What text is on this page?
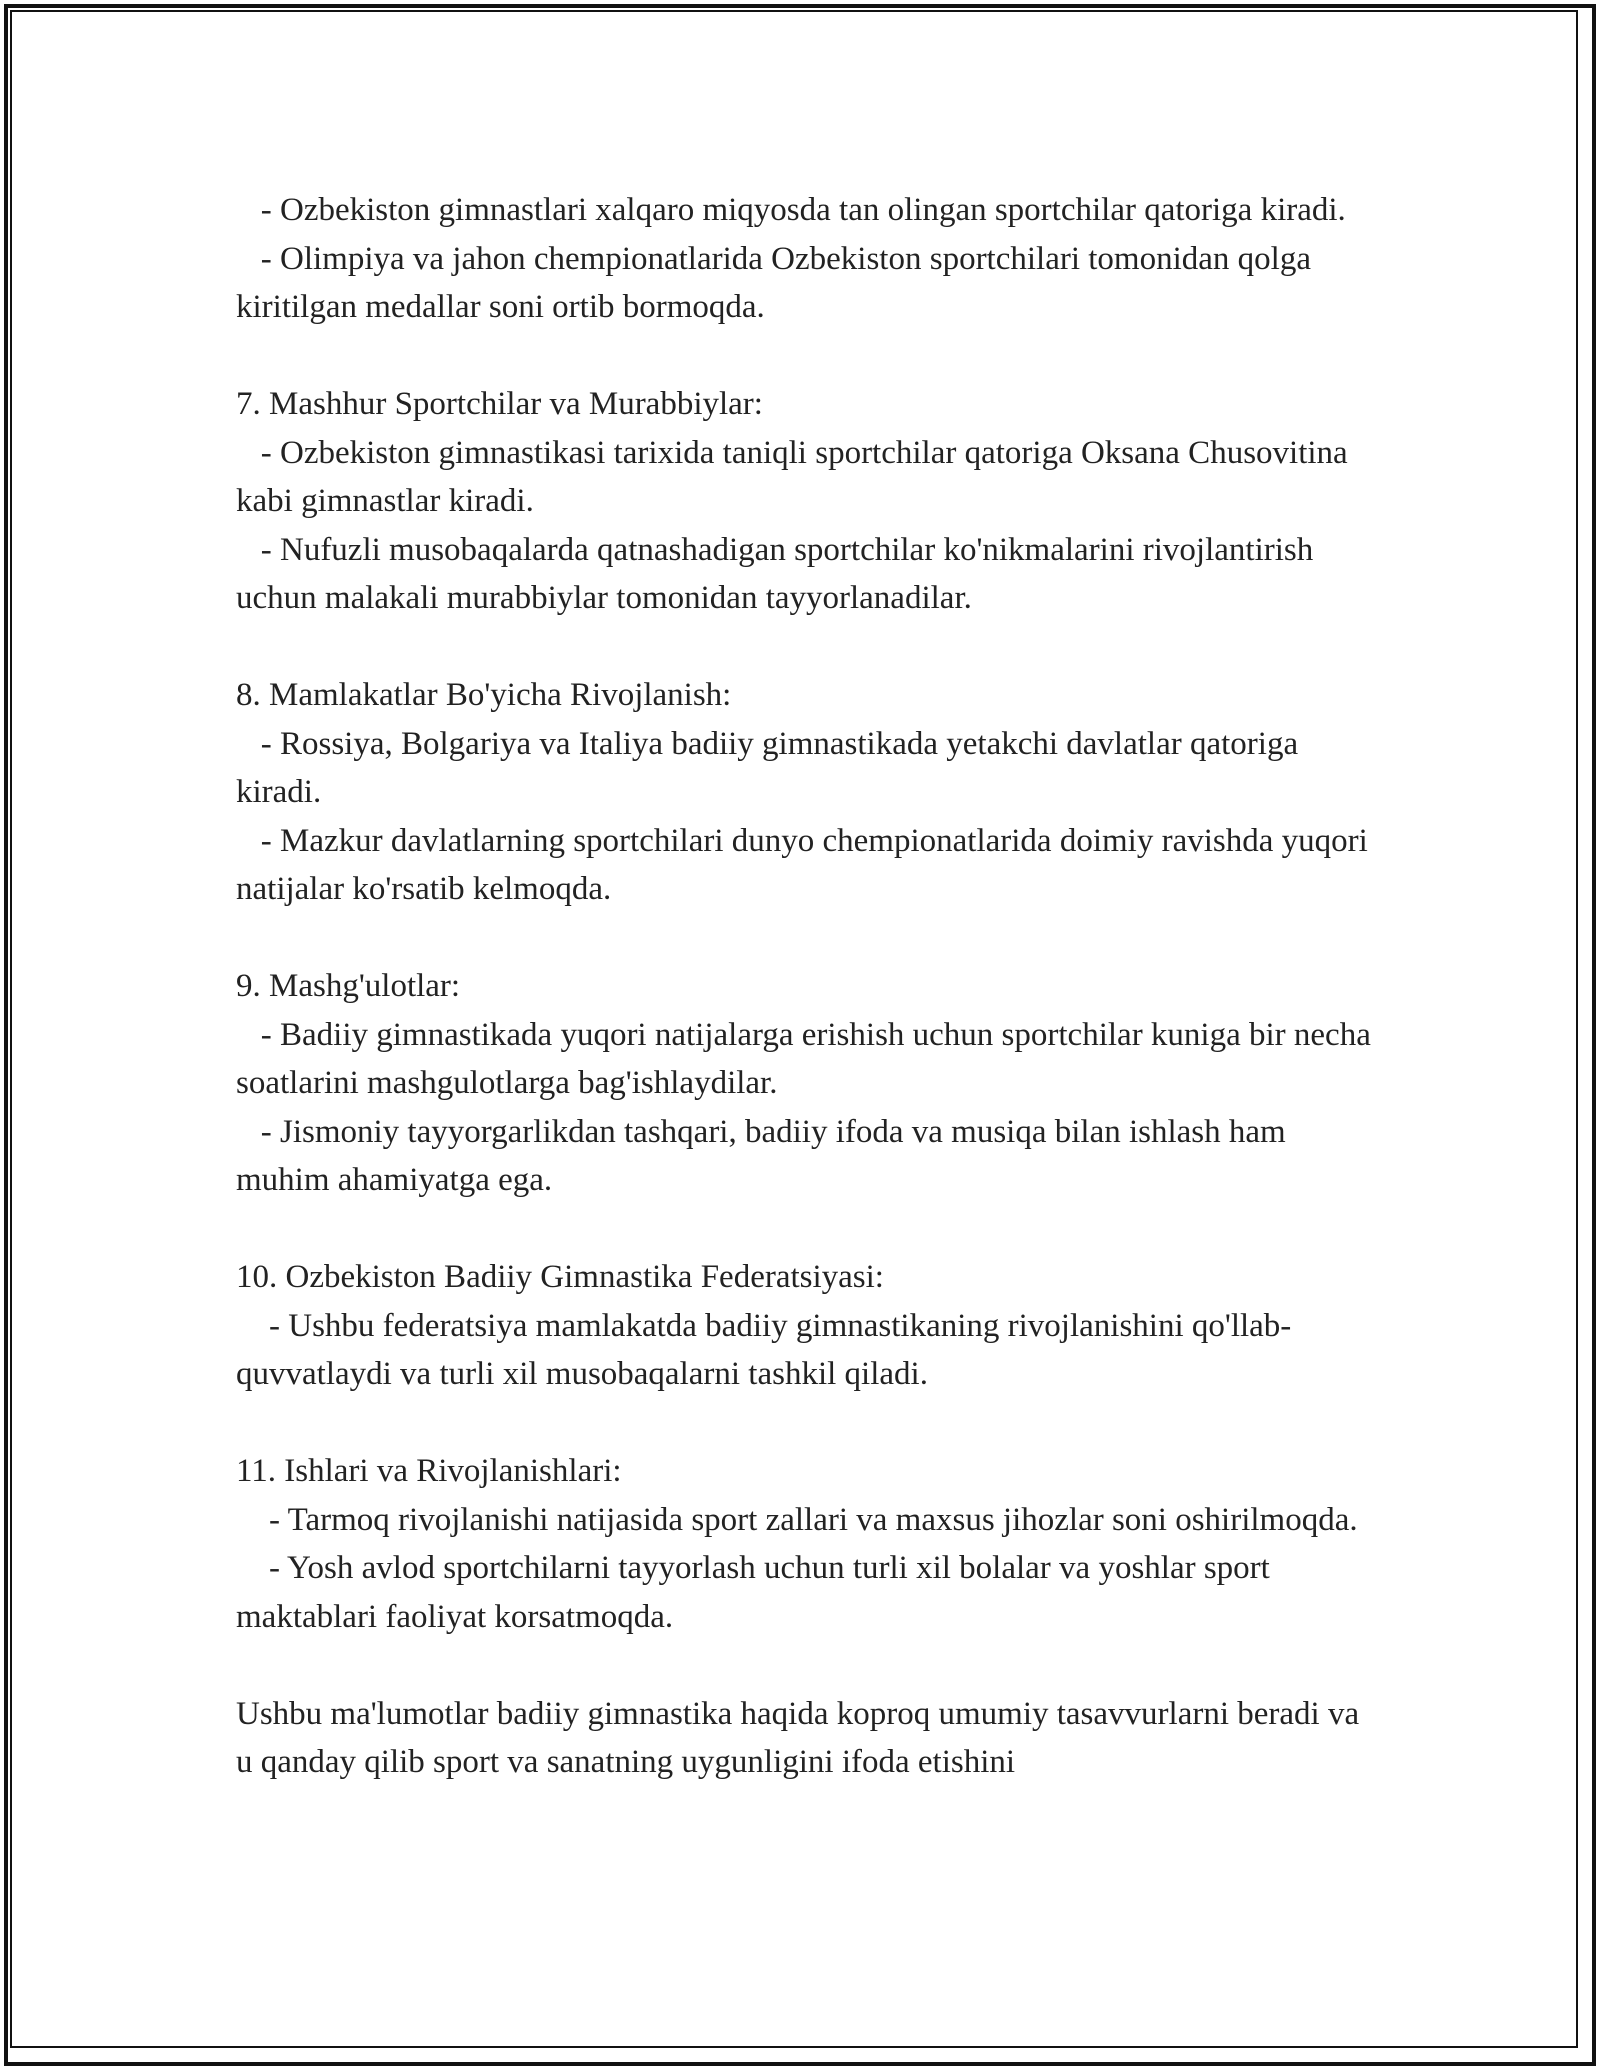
- Ozbekiston gimnastlari xalqaro miqyosda tan olingan sportchilar qatoriga kiradi.

- Olimpiya va jahon chempionatlarida Ozbekiston sportchilari tomonidan qolga kiritilgan medallar soni ortib bormoqda.

7. Mashhur Sportchilar va Murabbiylar:

- Ozbekiston gimnastikasi tarixida taniqli sportchilar qatoriga Oksana Chusovitina kabi gimnastlar kiradi.

- Nufuzli musobaqalarda qatnashadigan sportchilar ko'nikmalarini rivojlantirish uchun malakali murabbiylar tomonidan tayyorlanadilar.

8. Mamlakatlar Bo'yicha Rivojlanish:

- Rossiya, Bolgariya va Italiya badiiy gimnastikada yetakchi davlatlar qatoriga kiradi.

- Mazkur davlatlarning sportchilari dunyo chempionatlarida doimiy ravishda yuqori natijalar ko'rsatib kelmoqda.

9. Mashg'ulotlar:

- Badiiy gimnastikada yuqori natijalarga erishish uchun sportchilar kuniga bir necha soatlarini mashgulotlarga bag'ishlaydilar.

- Jismoniy tayyorgarlikdan tashqari, badiiy ifoda va musiqa bilan ishlash ham muhim ahamiyatga ega.

10. Ozbekiston Badiiy Gimnastika Federatsiyasi:

- Ushbu federatsiya mamlakatda badiiy gimnastikaning rivojlanishini qo'llab-quvvatlaydi va turli xil musobaqalarni tashkil qiladi.

11. Ishlari va Rivojlanishlari:

- Tarmoq rivojlanishi natijasida sport zallari va maxsus jihozlar soni oshirilmoqda.

- Yosh avlod sportchilarni tayyorlash uchun turli xil bolalar va yoshlar sport maktablari faoliyat korsatmoqda.

Ushbu ma'lumotlar badiiy gimnastika haqida koproq umumiy tasavvurlarni beradi va u qanday qilib sport va sanatning uygunligini ifoda etishini
